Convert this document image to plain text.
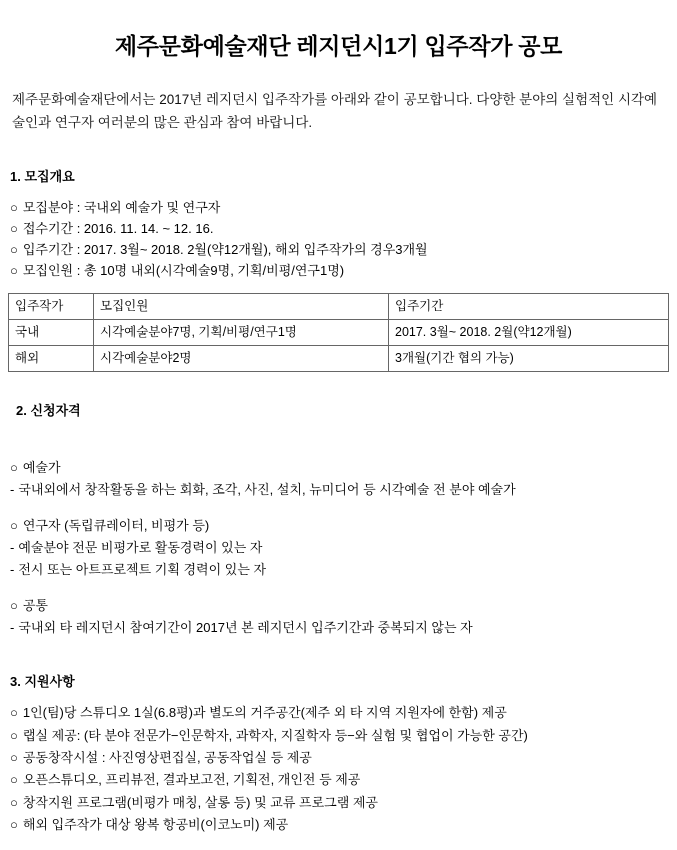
제주문화예술재단 레지던시1기 입주작가 공모

제주문화예술재단에서는 2017년 레지던시 입주작가를 아래와 같이 공모합니다. 다양한 분야의 실험적인 시각예술인과 연구자 여러분의 많은 관심과 참여 바랍니다.

1. 모집개요
○ 모집분야 : 국내외 예술가 및 연구자
○ 접수기간 : 2016. 11. 14. ~ 12. 16.
○ 입주기간 : 2017. 3월~ 2018. 2월(약12개월), 해외 입주작가의 경우3개월
○ 모집인원 : 총 10명 내외(시각예술9명, 기획/비평/연구1명)
입주작가	모집인원	입주기간
국내	시각예술분야7명, 기획/비평/연구1명	2017. 3월~ 2018. 2월(약12개월)
해외	시각예술분야2명	3개월(기간 협의 가능)
2. 신청자격
○ 예술가
- 국내외에서 창작활동을 하는 회화, 조각, 사진, 설치, 뉴미디어 등 시각예술 전 분야 예술가
○ 연구자 (독립큐레이터, 비평가 등)
- 예술분야 전문 비평가로 활동경력이 있는 자
- 전시 또는 아트프로젝트 기획 경력이 있는 자
○ 공통
- 국내외 타 레지던시 참여기간이 2017년 본 레지던시 입주기간과 중복되지 않는 자
3. 지원사항
○ 1인(팀)당 스튜디오 1실(6.8평)과 별도의 거주공간(제주 외 타 지역 지원자에 한함) 제공
○ 랩실 제공: (타 분야 전문가−인문학자, 과학자, 지질학자 등−와 실험 및 협업이 가능한 공간)
○ 공동창작시설 : 사진영상편집실, 공동작업실 등 제공
○ 오픈스튜디오, 프리뷰전, 결과보고전, 기획전, 개인전 등 제공
○ 창작지원 프로그램(비평가 매칭, 살롱 등) 및 교류 프로그램 제공
○ 해외 입주작가 대상 왕복 항공비(이코노미) 제공
